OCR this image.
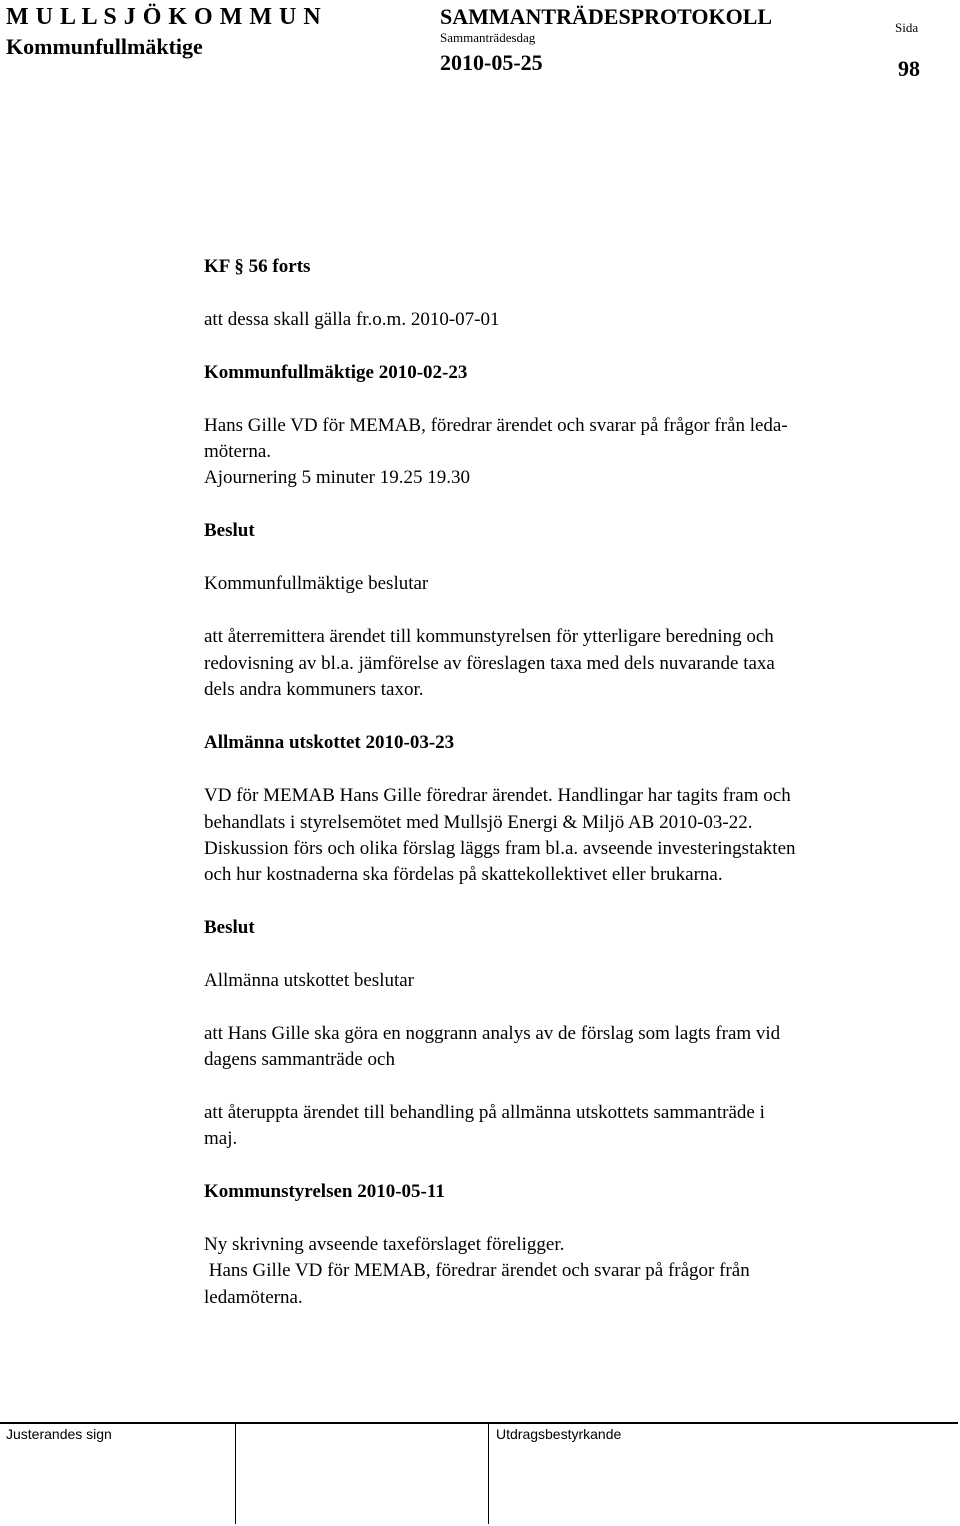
M U L L S J Ö K O M M U N
Kommunfullmäktige
SAMMANTRÄDESPROTOKOLL
Sammanträdesdag
2010-05-25
Sida
98
KF § 56 forts
att dessa skall gälla fr.o.m. 2010-07-01
Kommunfullmäktige 2010-02-23
Hans Gille VD för MEMAB, föredrar ärendet och svarar på frågor från leda-
möterna.
Ajournering 5 minuter 19.25 19.30
Beslut
Kommunfullmäktige beslutar
att återremittera ärendet till kommunstyrelsen för ytterligare beredning och
redovisning av bl.a. jämförelse av föreslagen taxa med dels nuvarande taxa
dels andra kommuners taxor.
Allmänna utskottet 2010-03-23
VD för MEMAB Hans Gille föredrar ärendet. Handlingar har tagits fram och
behandlats i styrelsemötet med Mullsjö Energi & Miljö AB 2010-03-22.
Diskussion förs och olika förslag läggs fram bl.a. avseende investeringstakten
och hur kostnaderna ska fördelas på skattekollektivet eller brukarna.
Beslut
Allmänna utskottet beslutar
att Hans Gille ska göra en noggrann analys av de förslag som lagts fram vid
dagens sammanträde och
att återuppta ärendet till behandling på allmänna utskottets sammanträde i
maj.
Kommunstyrelsen 2010-05-11
Ny skrivning avseende taxeförslaget föreligger.
Hans Gille VD för MEMAB, föredrar ärendet och svarar på frågor från
ledamöterna.
Justerandes sign	Utdragsbestyrkande
